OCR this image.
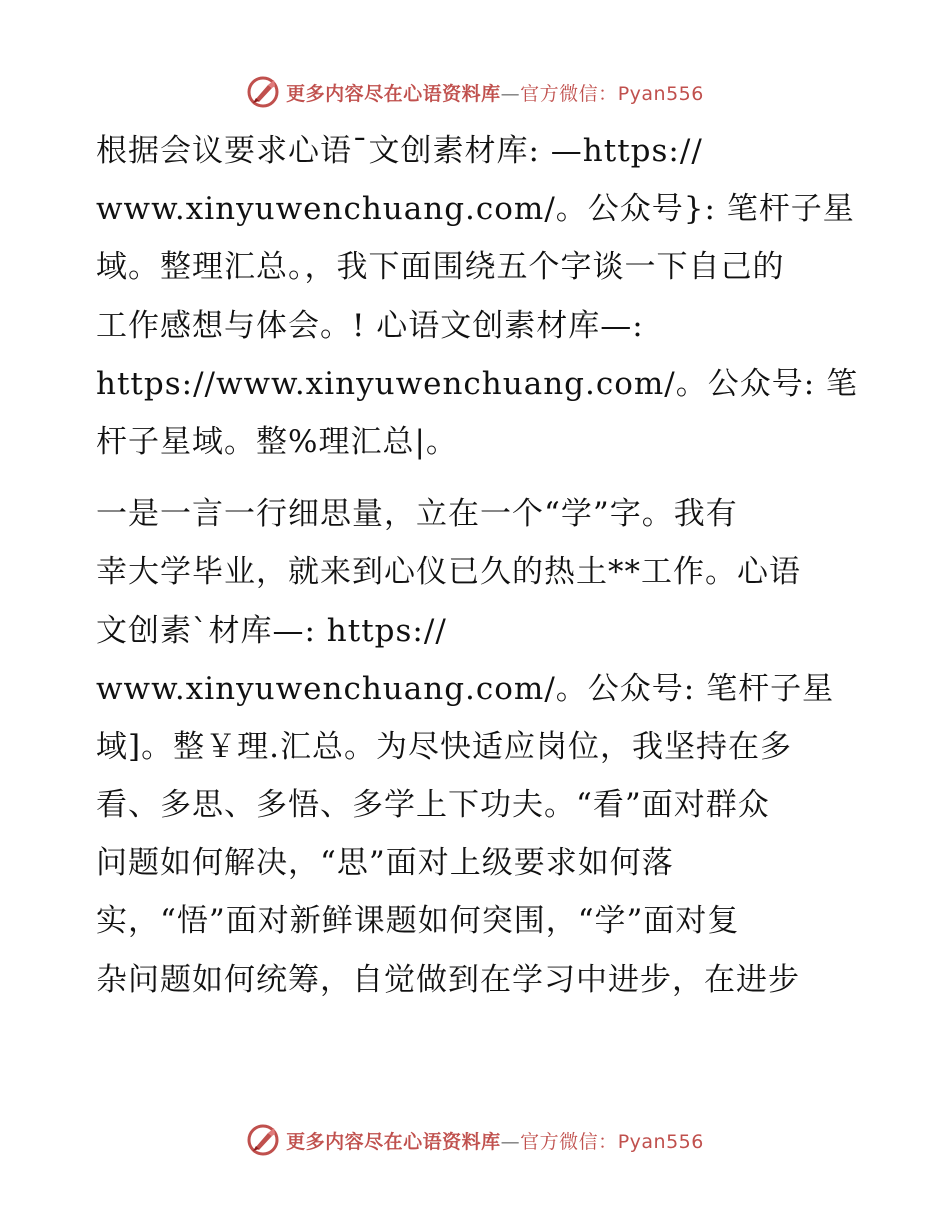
更多内容尽在心语资料库—官方微信：Pyan556
根据会议要求心语¯文创素材库: —https://
www.xinyuwenchuang.com/。公众号}: 笔杆子星
域。整理汇总。，我下面围绕五个字谈一下自己的
工作感想与体会。! 心语文创素材库—:
https://www.xinyuwenchuang.com/。公众号: 笔
杆子星域。整%理汇总|。
一是一言一行细思量，立在一个“学”字。我有
幸大学毕业，就来到心仪已久的热土**工作。心语
文创素`材库—: https://
www.xinyuwenchuang.com/。公众号: 笔杆子星
域]。整￥理.汇总。为尽快适应岗位，我坚持在多
看、多思、多悟、多学上下功夫。“看”面对群众
问题如何解决，“思”面对上级要求如何落
实，“悟”面对新鲜课题如何突围，“学”面对复
杂问题如何统筹，自觉做到在学习中进步，在进步
更多内容尽在心语资料库—官方微信：Pyan556
